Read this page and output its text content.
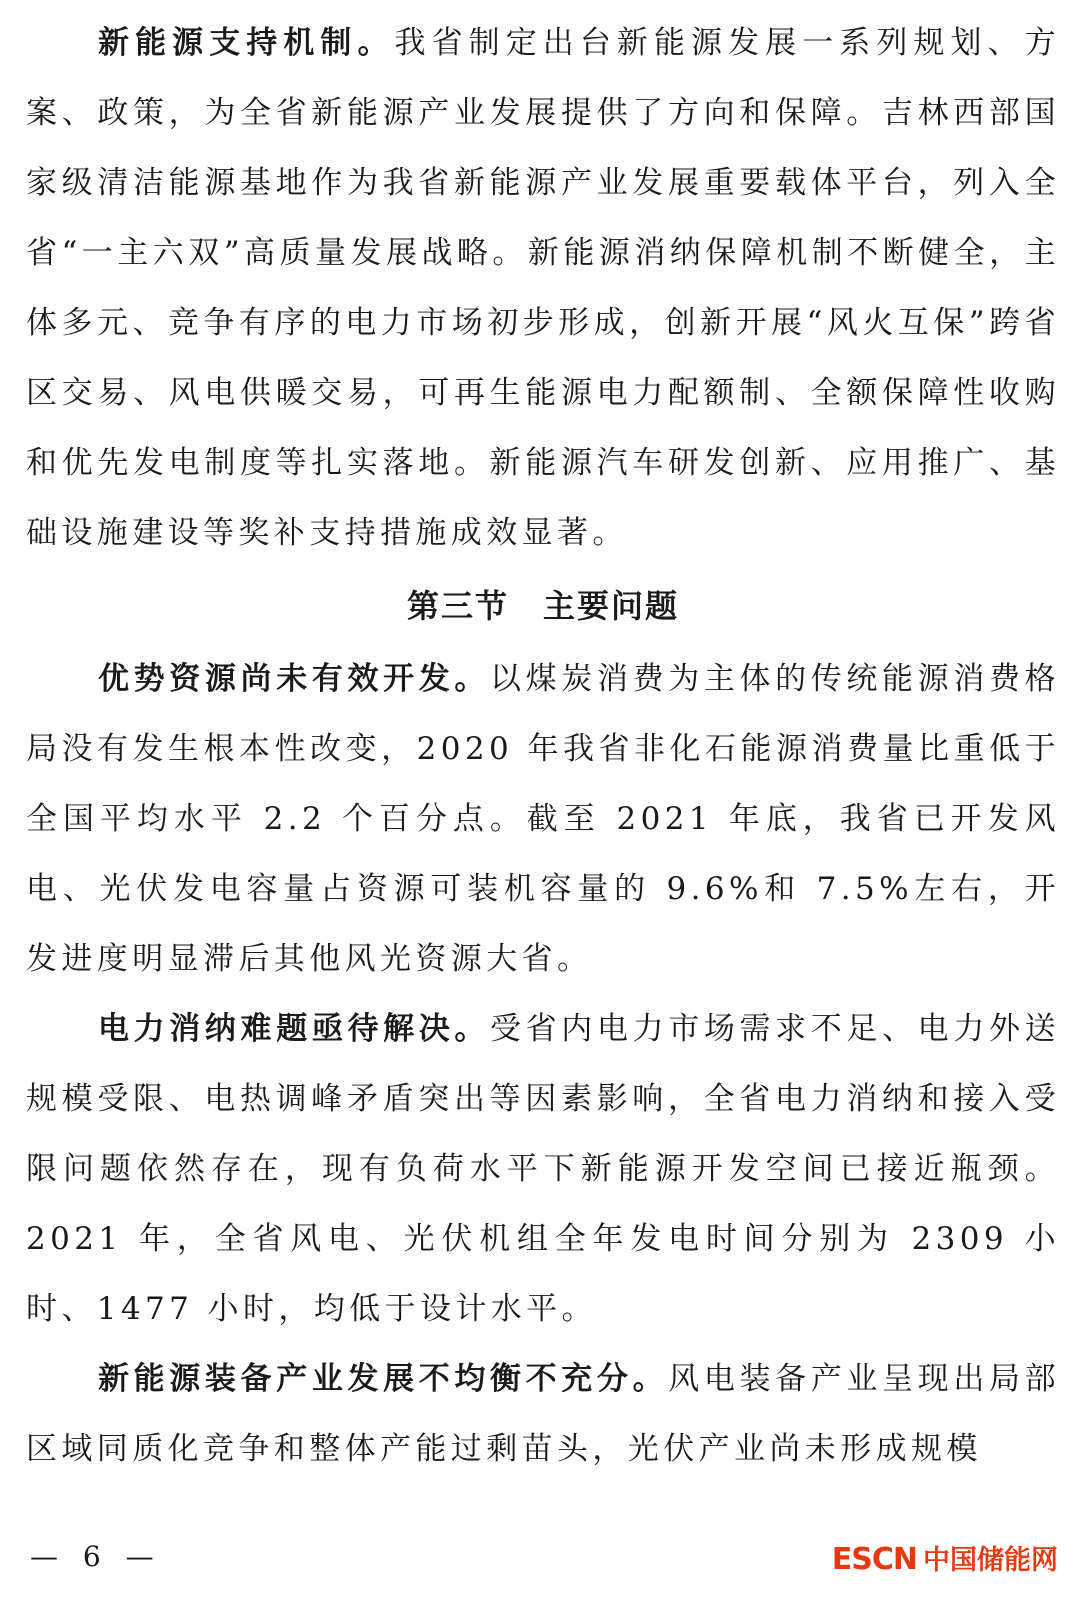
新能源支持机制。我省制定出台新能源发展一系列规划、方案、政策，为全省新能源产业发展提供了方向和保障。吉林西部国家级清洁能源基地作为我省新能源产业发展重要载体平台，列入全省“一主六双”高质量发展战略。新能源消纳保障机制不断健全，主体多元、竞争有序的电力市场初步形成，创新开展“风火互保”跨省区交易、风电供暖交易，可再生能源电力配额制、全额保障性收购和优先发电制度等扎实落地。新能源汽车研发创新、应用推广、基础设施建设等奖补支持措施成效显著。

第三节　主要问题

优势资源尚未有效开发。以煤炭消费为主体的传统能源消费格局没有发生根本性改变，2020 年我省非化石能源消费量比重低于全国平均水平 2.2 个百分点。截至 2021 年底，我省已开发风电、光伏发电容量占资源可装机容量的 9.6%和 7.5%左右，开发进度明显滞后其他风光资源大省。

电力消纳难题亟待解决。受省内电力市场需求不足、电力外送规模受限、电热调峰矛盾突出等因素影响，全省电力消纳和接入受限问题依然存在，现有负荷水平下新能源开发空间已接近瓶颈。2021 年，全省风电、光伏机组全年发电时间分别为 2309 小时、1477 小时，均低于设计水平。

新能源装备产业发展不均衡不充分。风电装备产业呈现出局部区域同质化竞争和整体产能过剩苗头，光伏产业尚未形成规模

— 6 —	ESCN 中国储能网
